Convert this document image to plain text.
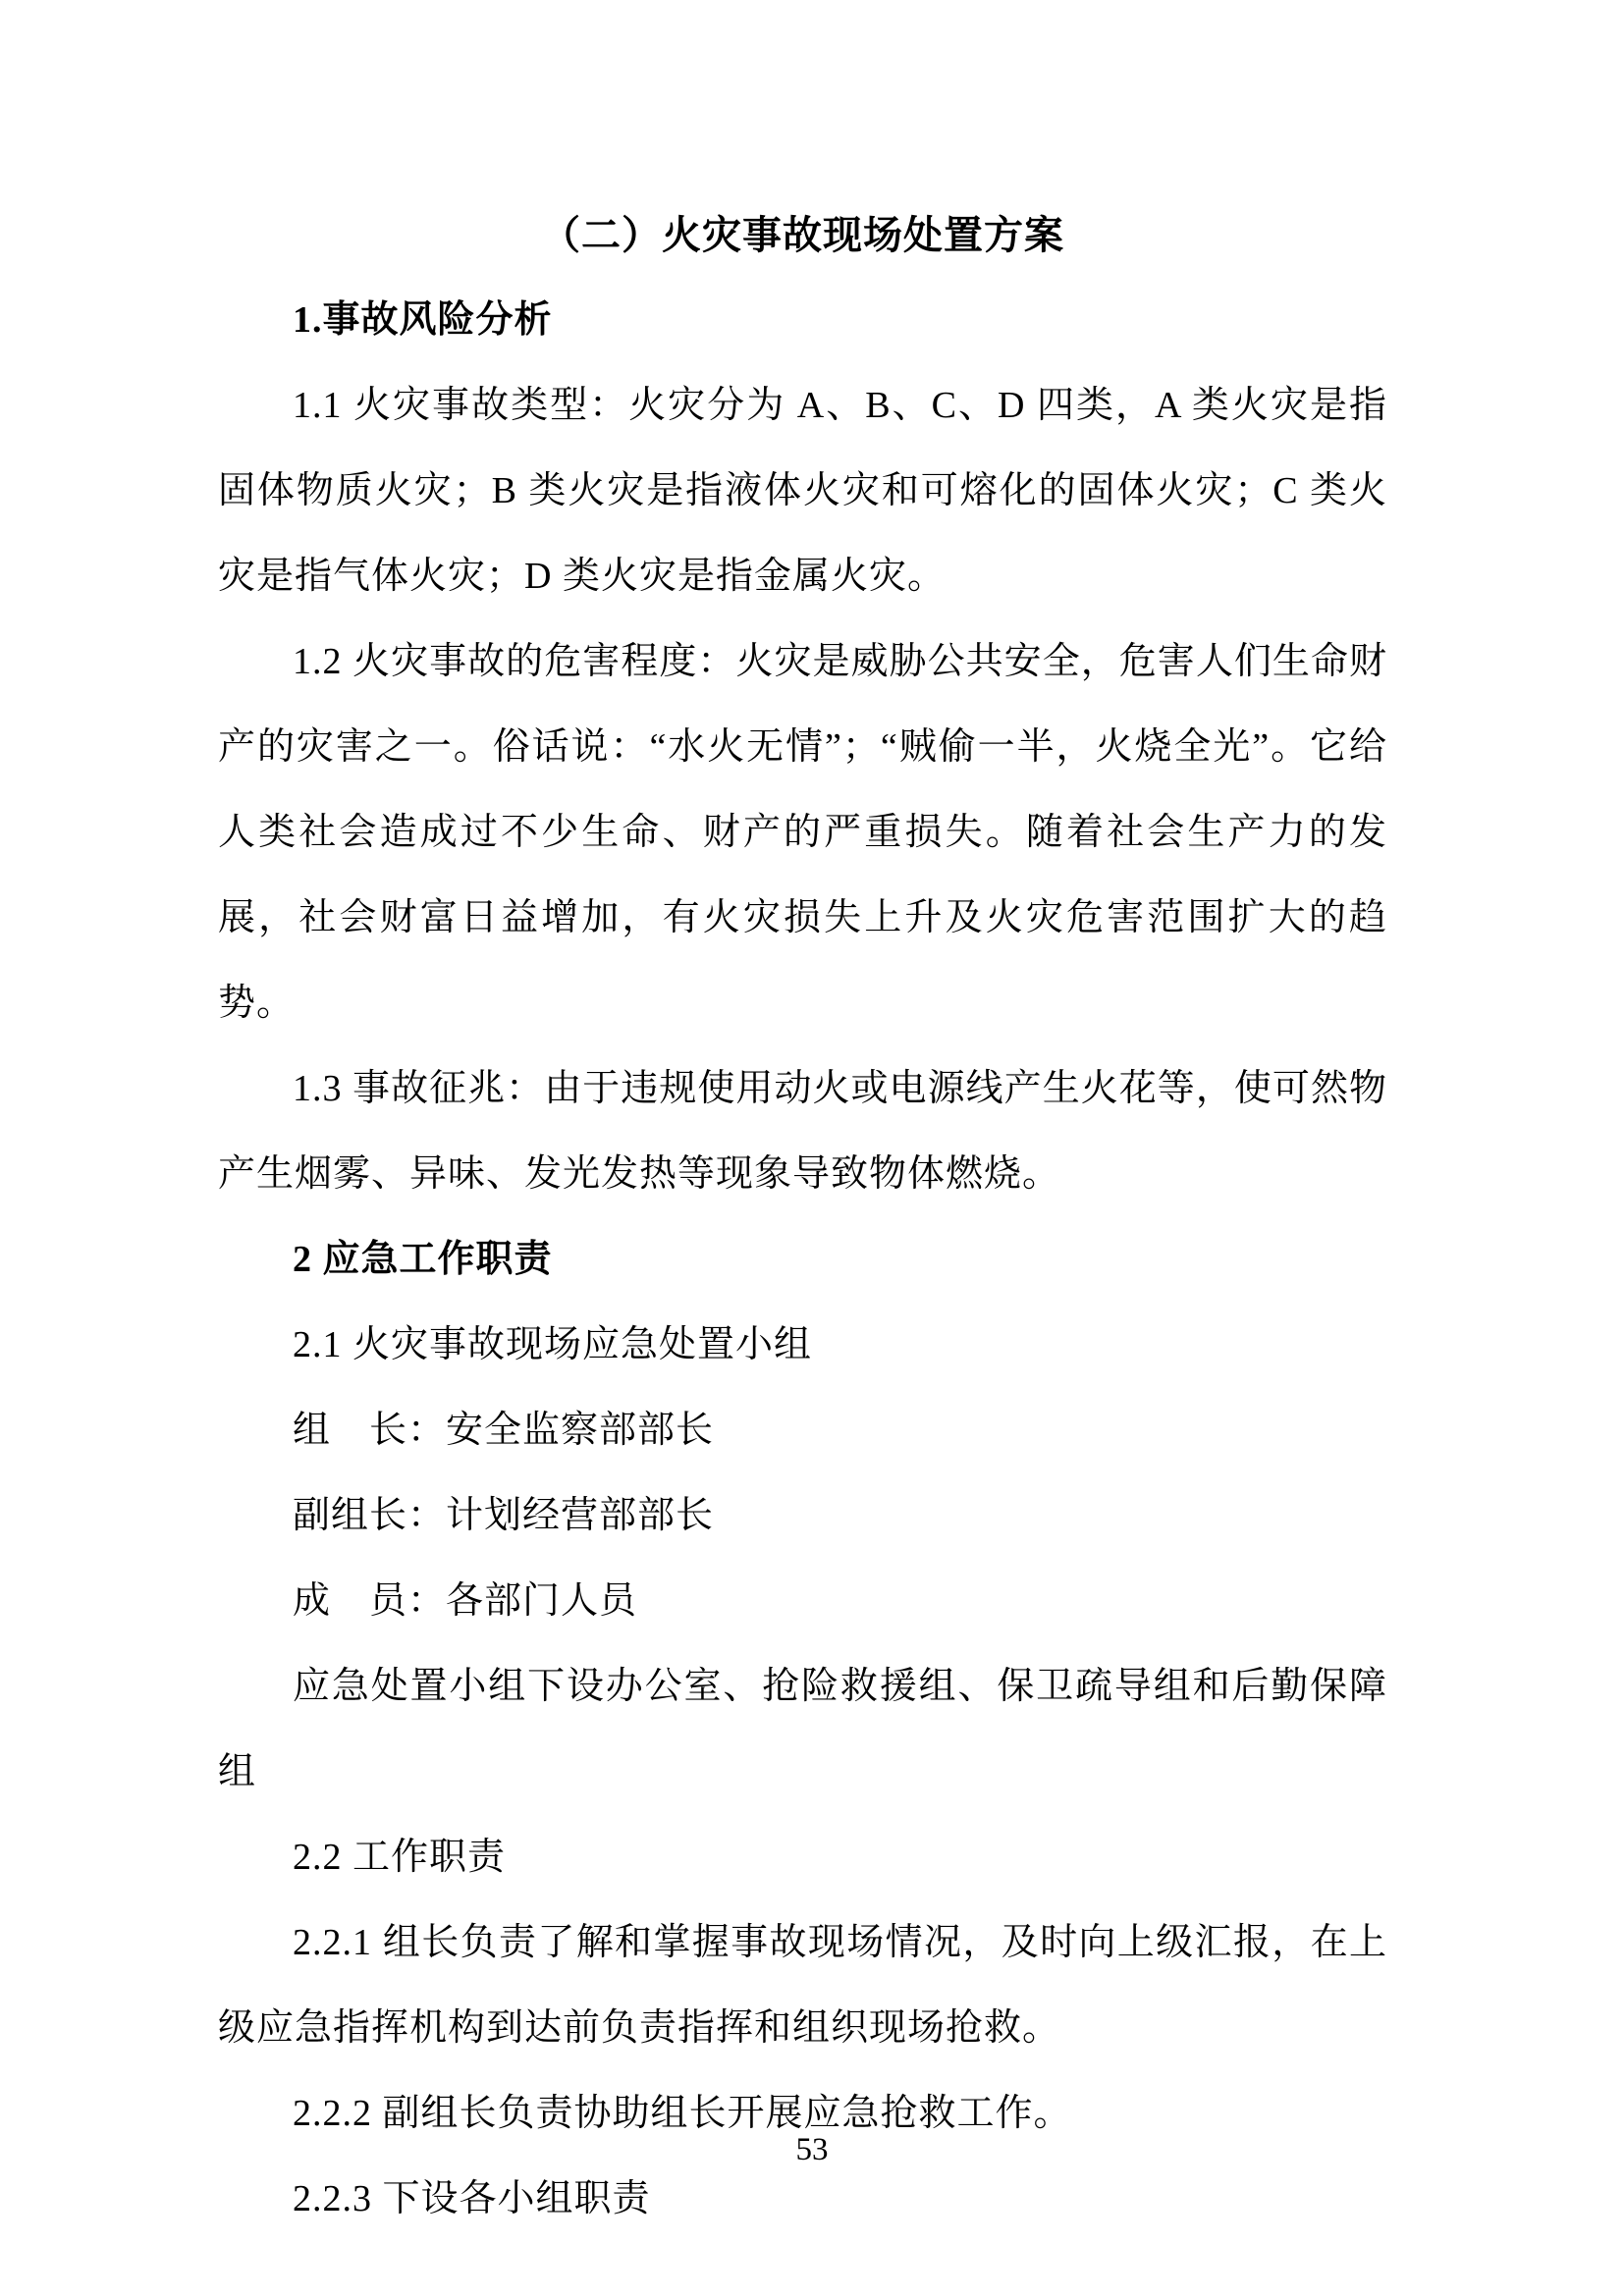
（二）火灾事故现场处置方案

1.事故风险分析

1.1 火灾事故类型：火灾分为 A、B、C、D 四类，A 类火灾是指固体物质火灾；B 类火灾是指液体火灾和可熔化的固体火灾；C 类火灾是指气体火灾；D 类火灾是指金属火灾。

1.2 火灾事故的危害程度：火灾是威胁公共安全，危害人们生命财产的灾害之一。俗话说：“水火无情”；“贼偷一半，火烧全光”。它给人类社会造成过不少生命、财产的严重损失。随着社会生产力的发展，社会财富日益增加，有火灾损失上升及火灾危害范围扩大的趋势。

1.3 事故征兆：由于违规使用动火或电源线产生火花等，使可然物产生烟雾、异味、发光发热等现象导致物体燃烧。

2 应急工作职责

2.1 火灾事故现场应急处置小组

组　长：安全监察部部长

副组长：计划经营部部长

成　员：各部门人员

应急处置小组下设办公室、抢险救援组、保卫疏导组和后勤保障组

2.2 工作职责

2.2.1 组长负责了解和掌握事故现场情况，及时向上级汇报，在上级应急指挥机构到达前负责指挥和组织现场抢救。

2.2.2 副组长负责协助组长开展应急抢救工作。

2.2.3 下设各小组职责

53
